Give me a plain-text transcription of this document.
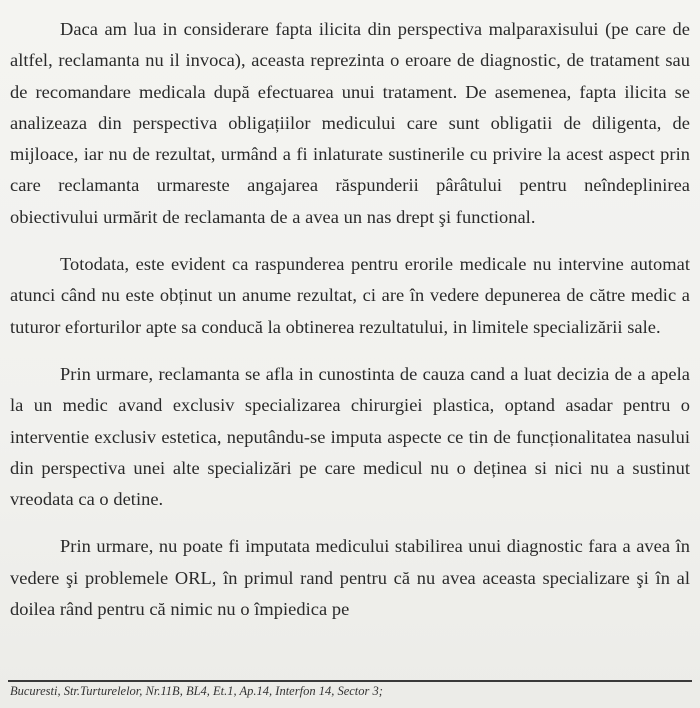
Daca am lua in considerare fapta ilicita din perspectiva malparaxisului (pe care de altfel, reclamanta nu il invoca), aceasta reprezinta o eroare de diagnostic, de tratament sau de recomandare medicala după efectuarea unui tratament. De asemenea, fapta ilicita se analizeaza din perspectiva obligațiilor medicului care sunt obligatii de diligenta, de mijloace, iar nu de rezultat, urmând a fi inlaturate sustinerile cu privire la acest aspect prin care reclamanta urmareste angajarea răspunderii pârâtului pentru neîndeplinirea obiectivului urmărit de reclamanta de a avea un nas drept şi functional.

Totodata, este evident ca raspunderea pentru erorile medicale nu intervine automat atunci când nu este obținut un anume rezultat, ci are în vedere depunerea de către medic a tuturor eforturilor apte sa conducă la obtinerea rezultatului, in limitele specializării sale.

Prin urmare, reclamanta se afla in cunostinta de cauza cand a luat decizia de a apela la un medic avand exclusiv specializarea chirurgiei plastica, optand asadar pentru o interventie exclusiv estetica, neputându-se imputa aspecte ce tin de funcționalitatea nasului din perspectiva unei alte specializări pe care medicul nu o deținea si nici nu a sustinut vreodata ca o detine.

Prin urmare, nu poate fi imputata medicului stabilirea unui diagnostic fara a avea în vedere şi problemele ORL, în primul rand pentru că nu avea aceasta specializare şi în al doilea rând pentru că nimic nu o împiedica pe

Bucuresti, Str.Turturelelor, Nr.11B, BL4, Et.1, Ap.14, Interfon 14, Sector 3;
